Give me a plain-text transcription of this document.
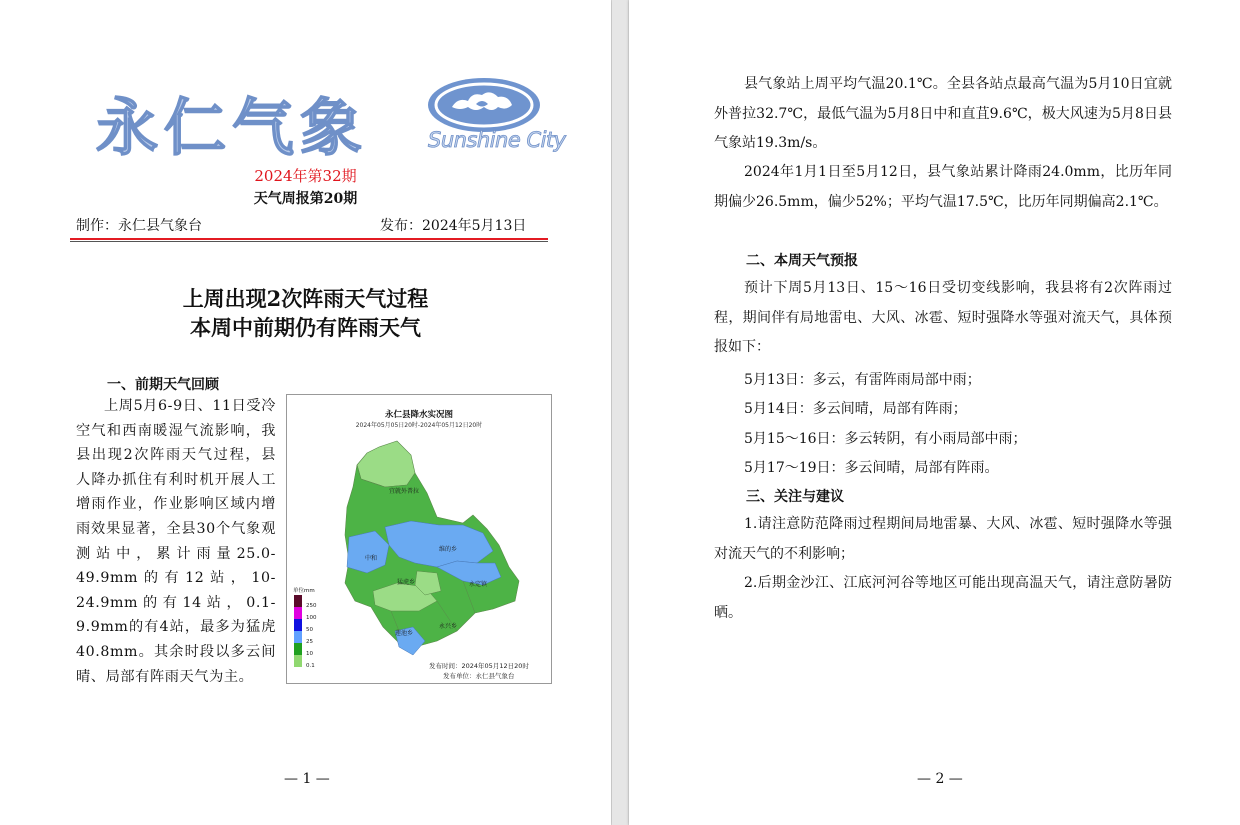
永仁气象	Sunshine City
2024年第32期
天气周报第20期
制作：永仁县气象台	发布：2024年5月13日
上周出现2次阵雨天气过程
本周中前期仍有阵雨天气
一、前期天气回顾

上周5月6-9日、11日受冷空气和西南暖湿气流影响，我县出现2次阵雨天气过程，县人降办抓住有利时机开展人工增雨作业，作业影响区域内增雨效果显著，全县30个气象观测站中，累计雨量25.0-49.9mm的有12站，10-24.9mm的有14站，0.1-9.9mm的有4站，最多为猛虎40.8mm。其余时段以多云间晴、局部有阵雨天气为主。

永仁县降水实况图
2024年05月05日20时-2024年05月12日20时
宜就外普拉
中和
维的乡
猛虎乡	永定镇
莲池乡
永兴乡
单位mm
250
100
50
25
10
0.1	发布时间：2024年05月12日20时
发布单位：永仁县气象台
— 1 —

县气象站上周平均气温20.1℃。全县各站点最高气温为5月10日宜就外普拉32.7℃，最低气温为5月8日中和直苴9.6℃，极大风速为5月8日县气象站19.3m/s。

2024年1月1日至5月12日，县气象站累计降雨24.0mm，比历年同期偏少26.5mm，偏少52%；平均气温17.5℃，比历年同期偏高2.1℃。

二、本周天气预报

预计下周5月13日、15～16日受切变线影响，我县将有2次阵雨过程，期间伴有局地雷电、大风、冰雹、短时强降水等强对流天气，具体预报如下：

5月13日：多云，有雷阵雨局部中雨；
5月14日：多云间晴，局部有阵雨；
5月15～16日：多云转阴，有小雨局部中雨；
5月17～19日：多云间晴，局部有阵雨。
三、关注与建议

1.请注意防范降雨过程期间局地雷暴、大风、冰雹、短时强降水等强对流天气的不利影响；

2.后期金沙江、江底河河谷等地区可能出现高温天气，请注意防暑防晒。

— 2 —
